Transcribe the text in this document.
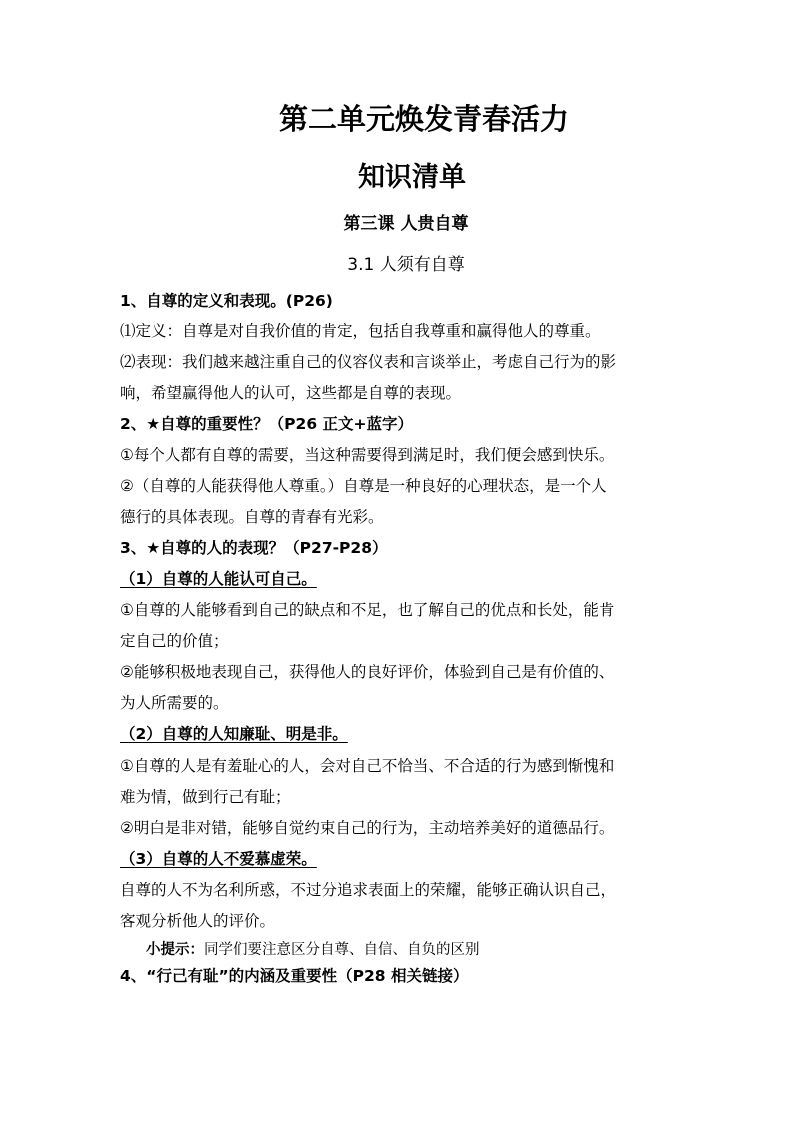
第二单元焕发青春活力
知识清单
第三课 人贵自尊
3.1 人须有自尊
1、自尊的定义和表现。(P26)
⑴定义：自尊是对自我价值的肯定，包括自我尊重和赢得他人的尊重。
⑵表现：我们越来越注重自己的仪容仪表和言谈举止，考虑自己行为的影
响，希望赢得他人的认可，这些都是自尊的表现。
2、★自尊的重要性？（P26 正文+蓝字）
①每个人都有自尊的需要，当这种需要得到满足时，我们便会感到快乐。
②（自尊的人能获得他人尊重。）自尊是一种良好的心理状态，是一个人
德行的具体表现。自尊的青春有光彩。
3、★自尊的人的表现？（P27-P28）
（1）自尊的人能认可自己。
①自尊的人能够看到自己的缺点和不足，也了解自己的优点和长处，能肯
定自己的价值；
②能够积极地表现自己，获得他人的良好评价，体验到自己是有价值的、
为人所需要的。
（2）自尊的人知廉耻、明是非。
①自尊的人是有羞耻心的人，会对自己不恰当、不合适的行为感到惭愧和
难为情，做到行己有耻；
②明白是非对错，能够自觉约束自己的行为，主动培养美好的道德品行。
（3）自尊的人不爱慕虚荣。
自尊的人不为名利所惑，不过分追求表面上的荣耀，能够正确认识自己，
客观分析他人的评价。
小提示：同学们要注意区分自尊、自信、自负的区别
4、“行己有耻”的内涵及重要性（P28 相关链接）
